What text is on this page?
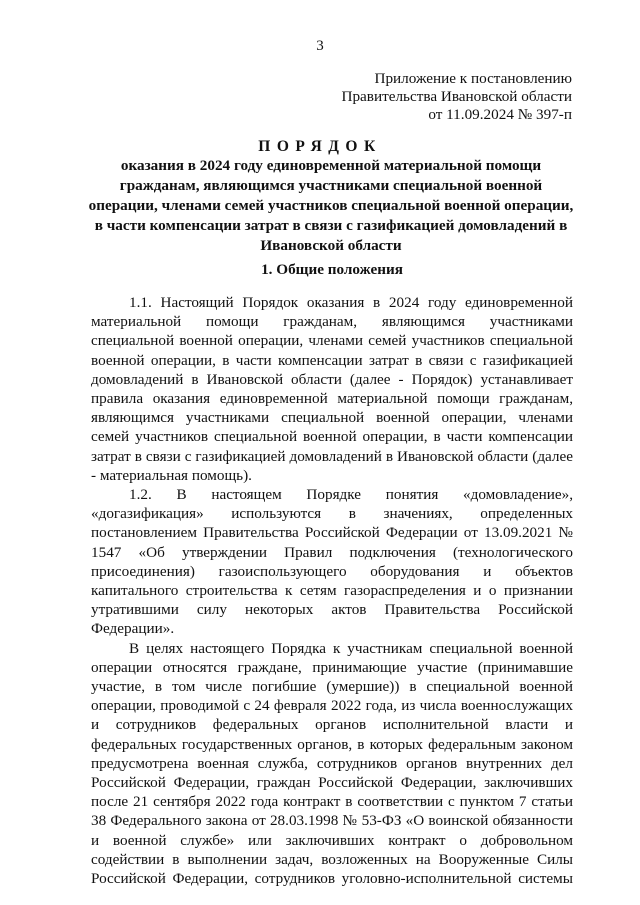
3
Приложение к постановлению
Правительства Ивановской области
от 11.09.2024 № 397-п
ПОРЯДОК
оказания в 2024 году единовременной материальной помощи гражданам, являющимся участниками специальной военной операции, членами семей участников специальной военной операции, в части компенсации затрат в связи с газификацией домовладений в Ивановской области
1. Общие положения

1.1. Настоящий Порядок оказания в 2024 году единовременной материальной помощи гражданам, являющимся участниками специальной военной операции, членами семей участников специальной военной операции, в части компенсации затрат в связи с газификацией домовладений в Ивановской области (далее - Порядок) устанавливает правила оказания единовременной материальной помощи гражданам, являющимся участниками специальной военной операции, членами семей участников специальной военной операции, в части компенсации затрат в связи с газификацией домовладений в Ивановской области (далее - материальная помощь).

1.2. В настоящем Порядке понятия «домовладение», «догазификация» используются в значениях, определенных постановлением Правительства Российской Федерации от 13.09.2021 № 1547 «Об утверждении Правил подключения (технологического присоединения) газоиспользующего оборудования и объектов капитального строительства к сетям газораспределения и о признании утратившими силу некоторых актов Правительства Российской Федерации».

В целях настоящего Порядка к участникам специальной военной операции относятся граждане, принимающие участие (принимавшие участие, в том числе погибшие (умершие)) в специальной военной операции, проводимой с 24 февраля 2022 года, из числа военнослужащих и сотрудников федеральных органов исполнительной власти и федеральных государственных органов, в которых федеральным законом предусмотрена военная служба, сотрудников органов внутренних дел Российской Федерации, граждан Российской Федерации, заключивших после 21 сентября 2022 года контракт в соответствии с пунктом 7 статьи 38 Федерального закона от 28.03.1998 № 53-ФЗ «О воинской обязанности и военной службе» или заключивших контракт о добровольном содействии в выполнении задач, возложенных на Вооруженные Силы Российской Федерации, сотрудников уголовно-исполнительной системы
